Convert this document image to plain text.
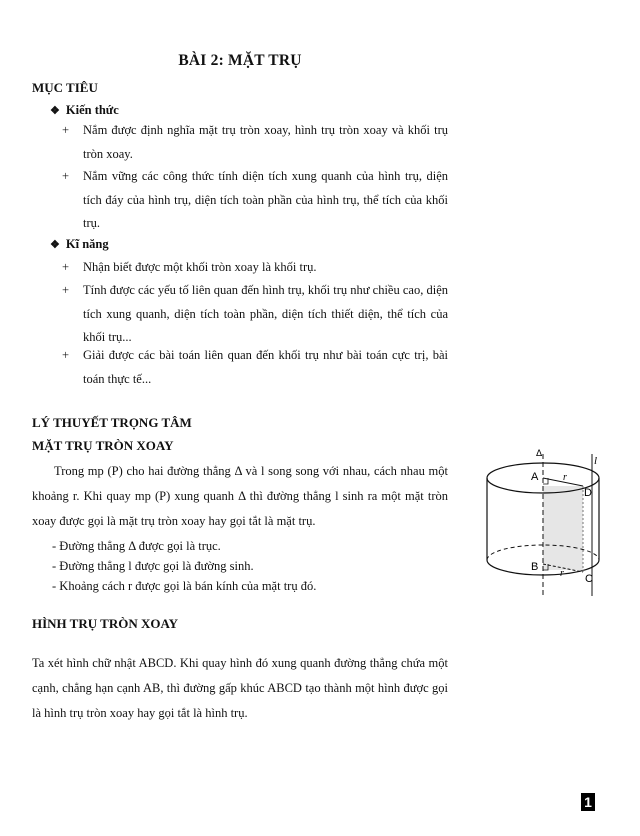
BÀI 2: MẶT TRỤ
MỤC TIÊU
❖ Kiến thức
+ Nắm được định nghĩa mặt trụ tròn xoay, hình trụ tròn xoay và khối trụ tròn xoay.
+ Nắm vững các công thức tính diện tích xung quanh của hình trụ, diện tích đáy của hình trụ, diện tích toàn phần của hình trụ, thể tích của khối trụ.
❖ Kĩ năng
+ Nhận biết được một khối tròn xoay là khối trụ.
+ Tính được các yếu tố liên quan đến hình trụ, khối trụ như chiều cao, diện tích xung quanh, diện tích toàn phần, diện tích thiết diện, thể tích của khối trụ...
+ Giải được các bài toán liên quan đến khối trụ như bài toán cực trị, bài toán thực tế...
LÝ THUYẾT TRỌNG TÂM
MẶT TRỤ TRÒN XOAY
Trong mp (P) cho hai đường thẳng Δ và l song song với nhau, cách nhau một khoảng r. Khi quay mp (P) xung quanh Δ thì đường thẳng l sinh ra một mặt tròn xoay được gọi là mặt trụ tròn xoay hay gọi tắt là mặt trụ.
- Đường thẳng Δ được gọi là trục.
- Đường thẳng l được gọi là đường sinh.
- Khoảng cách r được gọi là bán kính của mặt trụ đó.
HÌNH TRỤ TRÒN XOAY
Ta xét hình chữ nhật ABCD. Khi quay hình đó xung quanh đường thẳng chứa một cạnh, chẳng hạn cạnh AB, thì đường gấp khúc ABCD tạo thành một hình được gọi là hình trụ tròn xoay hay gọi tắt là hình trụ.
Δ
l
A r
D
B
r C
1
